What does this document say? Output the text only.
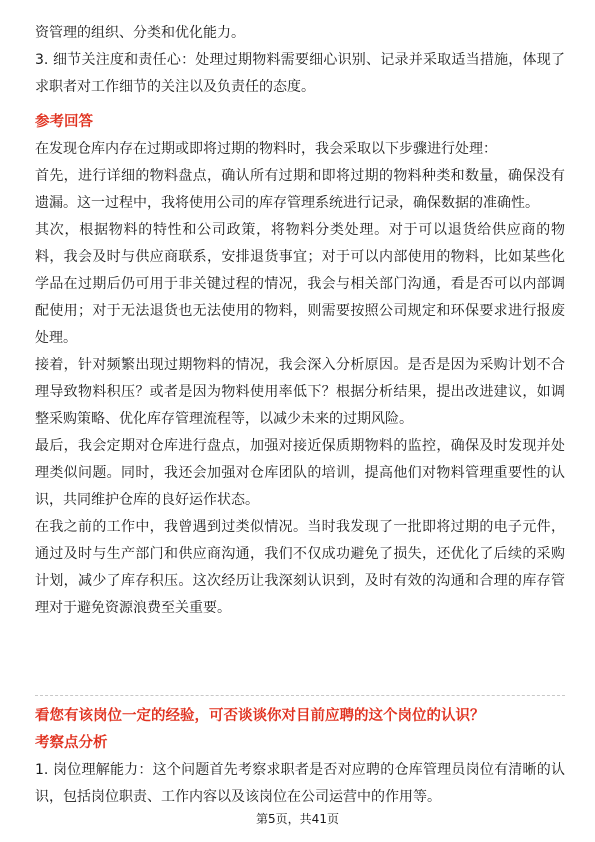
资管理的组织、分类和优化能力。

3. 细节关注度和责任心：处理过期物料需要细心识别、记录并采取适当措施，体现了求职者对工作细节的关注以及负责任的态度。

参考回答

在发现仓库内存在过期或即将过期的物料时，我会采取以下步骤进行处理：

首先，进行详细的物料盘点，确认所有过期和即将过期的物料种类和数量，确保没有遗漏。这一过程中，我将使用公司的库存管理系统进行记录，确保数据的准确性。

其次，根据物料的特性和公司政策，将物料分类处理。对于可以退货给供应商的物料，我会及时与供应商联系，安排退货事宜；对于可以内部使用的物料，比如某些化学品在过期后仍可用于非关键过程的情况，我会与相关部门沟通，看是否可以内部调配使用；对于无法退货也无法使用的物料，则需要按照公司规定和环保要求进行报废处理。

接着，针对频繁出现过期物料的情况，我会深入分析原因。是否是因为采购计划不合理导致物料积压？或者是因为物料使用率低下？根据分析结果，提出改进建议，如调整采购策略、优化库存管理流程等，以减少未来的过期风险。

最后，我会定期对仓库进行盘点，加强对接近保质期物料的监控，确保及时发现并处理类似问题。同时，我还会加强对仓库团队的培训，提高他们对物料管理重要性的认识，共同维护仓库的良好运作状态。

在我之前的工作中，我曾遇到过类似情况。当时我发现了一批即将过期的电子元件，通过及时与生产部门和供应商沟通，我们不仅成功避免了损失，还优化了后续的采购计划，减少了库存积压。这次经历让我深刻认识到，及时有效的沟通和合理的库存管理对于避免资源浪费至关重要。

看您有该岗位一定的经验，可否谈谈你对目前应聘的这个岗位的认识？
考察点分析

1. 岗位理解能力：这个问题首先考察求职者是否对应聘的仓库管理员岗位有清晰的认识，包括岗位职责、工作内容以及该岗位在公司运营中的作用等。

第5页，共41页
